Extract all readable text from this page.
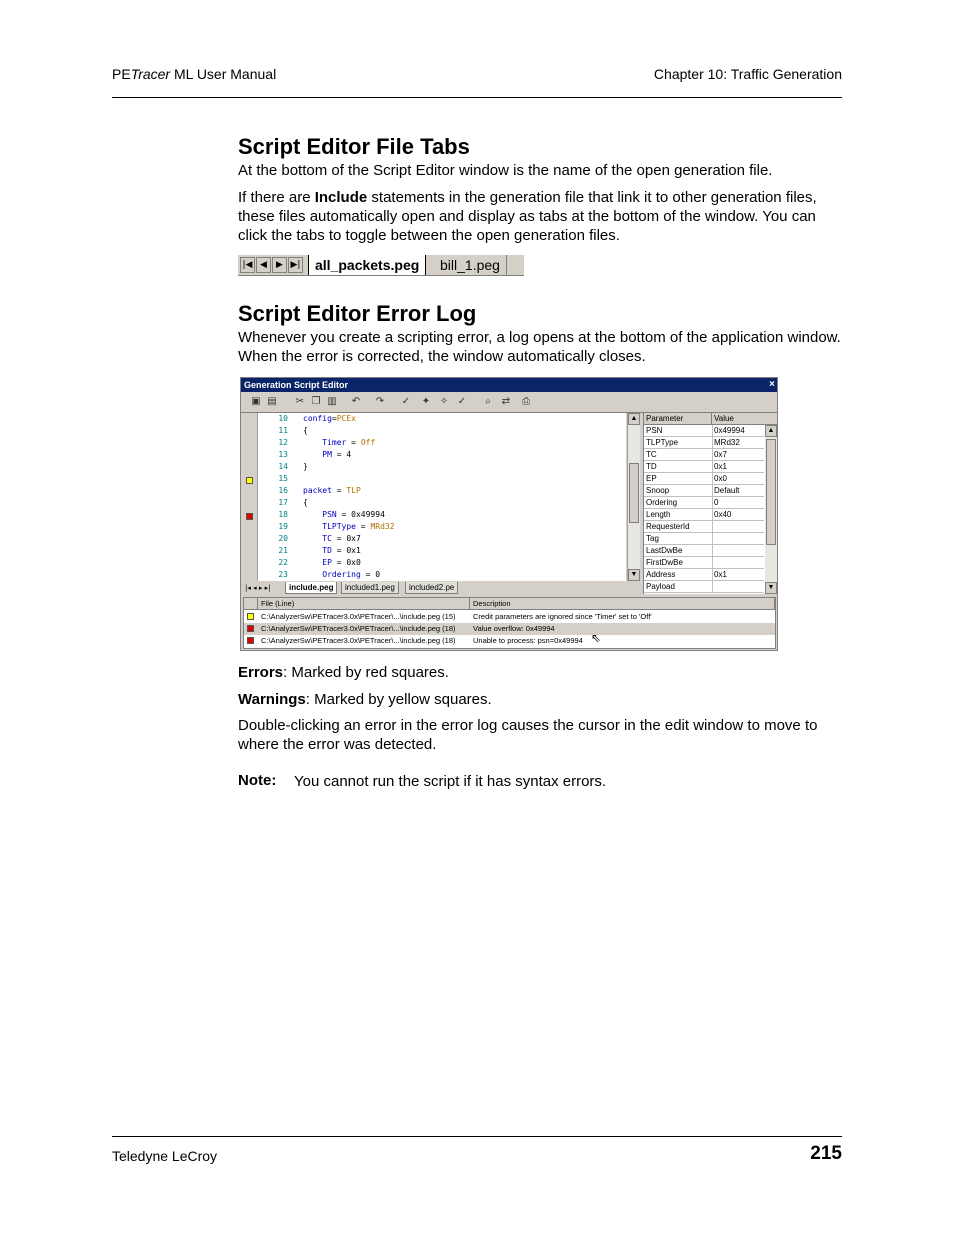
PETracer ML User Manual	Chapter 10: Traffic Generation
Script Editor File Tabs
At the bottom of the Script Editor window is the name of the open generation file.
If there are Include statements in the generation file that link it to other generation files, these files automatically open and display as tabs at the bottom of the window. You can click the tabs to toggle between the open generation files.
|◀ ◀	▶ ▶|	all_packets.peg	bill_1.peg
Script Editor Error Log
Whenever you create a scripting error, a log opens at the bottom of the application window. When the error is corrected, the window automatically closes.
Generation Script Editor	×
▣ ▤ ✂ ❐ ▥ ↶ ↷ ✓ ✦ ✧ ✓	⌕	⇄	⎙
10 config=PCEx
11 {
12	Timer = Off
13	PM = 4
14 }
15
16 packet = TLP
17 {
18	PSN = 0x49994
19	TLPType = MRd32
20	TC = 0x7
21	TD = 0x1
22	EP = 0x0
23	Ordering = 0
▲
▼
|◂ ◂ ▸ ▸|	include.peg	included1.peg	included2.pe
Parameter	Value
PSN	0x49994
TLPType	MRd32
TC	0x7
TD	0x1
EP	0x0
Snoop	Default
Ordering	0
Length	0x40
RequesterId
Tag
LastDwBe
FirstDwBe
Address	0x1
Payload
▲
▼
File (Line)	Description
C:\AnalyzerSw\PETracer3.0x\PETracer\...\include.peg (15) Credit parameters are ignored since 'Timer' set to 'Off'
C:\AnalyzerSw\PETracer3.0x\PETracer\...\include.peg (18) Value overflow: 0x49994
C:\AnalyzerSw\PETracer3.0x\PETracer\...\include.peg (18) Unable to process: psn=0x49994 ⇖
Errors: Marked by red squares.
Warnings: Marked by yellow squares.
Double-clicking an error in the error log causes the cursor in the edit window to move to where the error was detected.
Note: You cannot run the script if it has syntax errors.
Teledyne LeCroy	215
